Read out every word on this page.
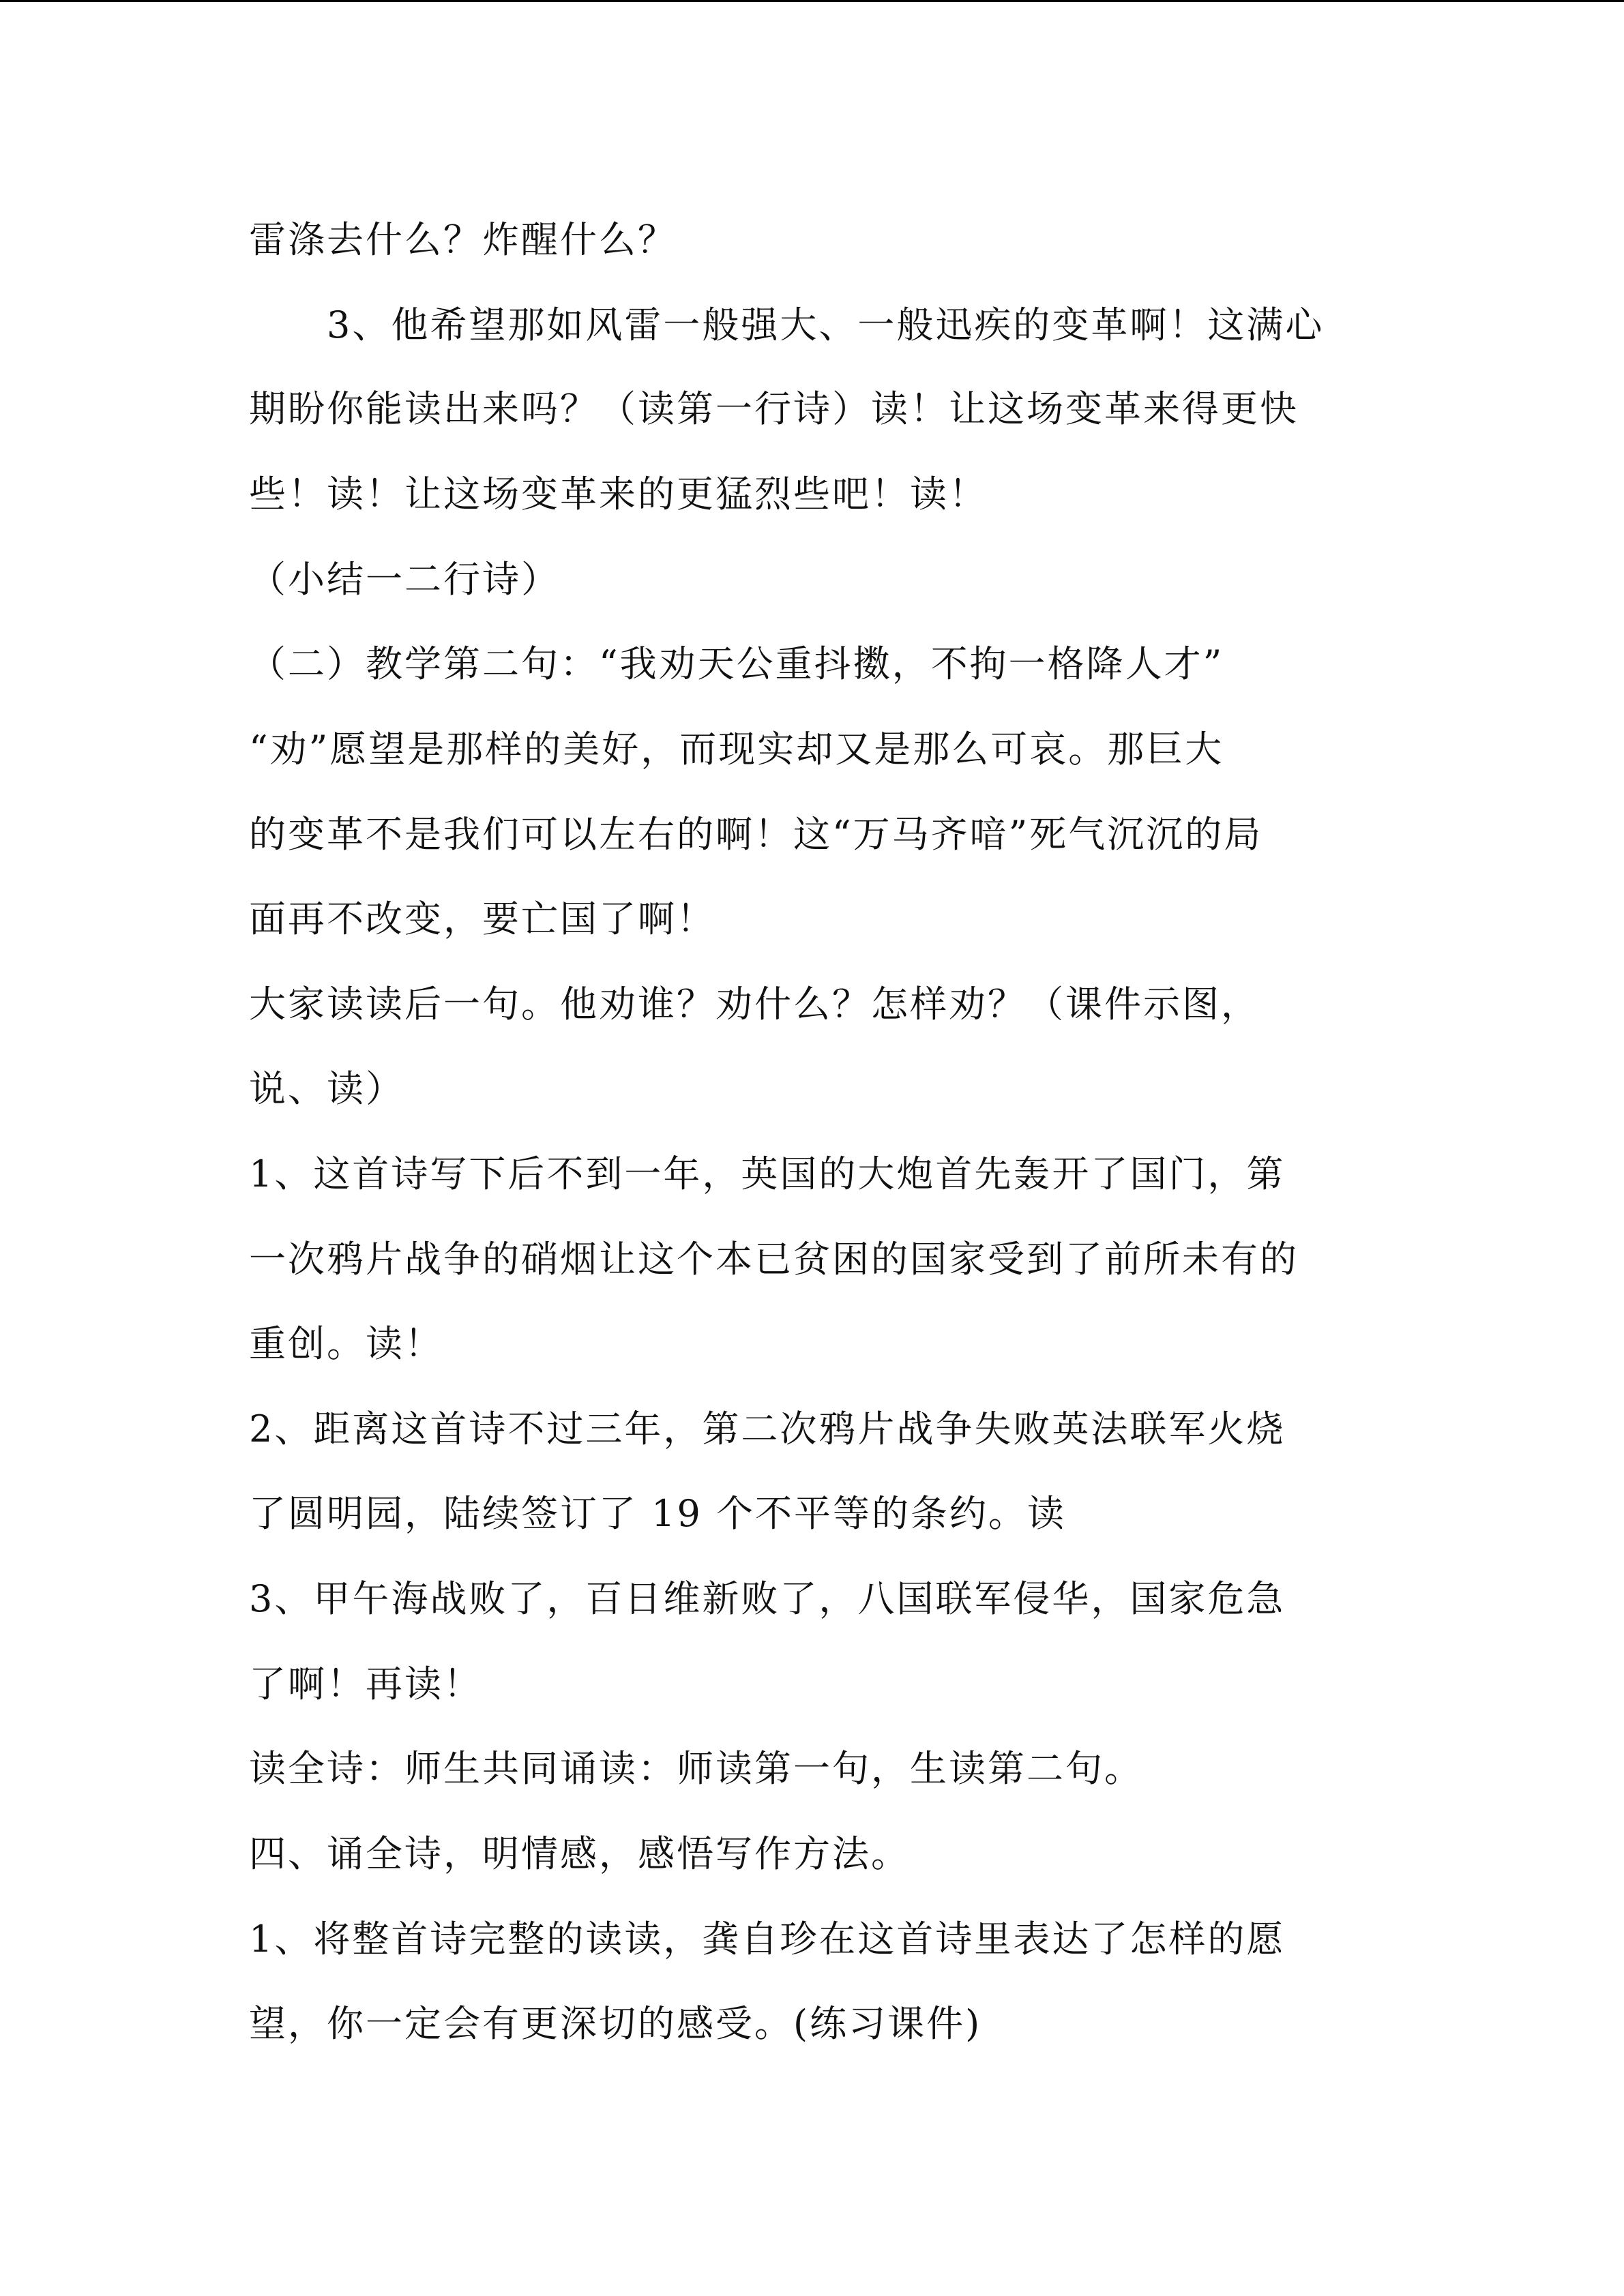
雷涤去什么？炸醒什么？
　　3、他希望那如风雷一般强大、一般迅疾的变革啊！这满心
期盼你能读出来吗？（读第一行诗）读！让这场变革来得更快
些！读！让这场变革来的更猛烈些吧！读！
（小结一二行诗）
（二）教学第二句：“我劝天公重抖擞，不拘一格降人才”
“劝”愿望是那样的美好，而现实却又是那么可哀。那巨大
的变革不是我们可以左右的啊！这“万马齐喑”死气沉沉的局
面再不改变，要亡国了啊！
大家读读后一句。他劝谁？劝什么？怎样劝？（课件示图，
说、读）
1、这首诗写下后不到一年，英国的大炮首先轰开了国门，第
一次鸦片战争的硝烟让这个本已贫困的国家受到了前所未有的
重创。读！
2、距离这首诗不过三年，第二次鸦片战争失败英法联军火烧
了圆明园，陆续签订了 19 个不平等的条约。读
3、甲午海战败了，百日维新败了，八国联军侵华，国家危急
了啊！再读！
读全诗：师生共同诵读：师读第一句，生读第二句。
四、诵全诗，明情感，感悟写作方法。
1、将整首诗完整的读读，龚自珍在这首诗里表达了怎样的愿
望，你一定会有更深切的感受。(练习课件)
